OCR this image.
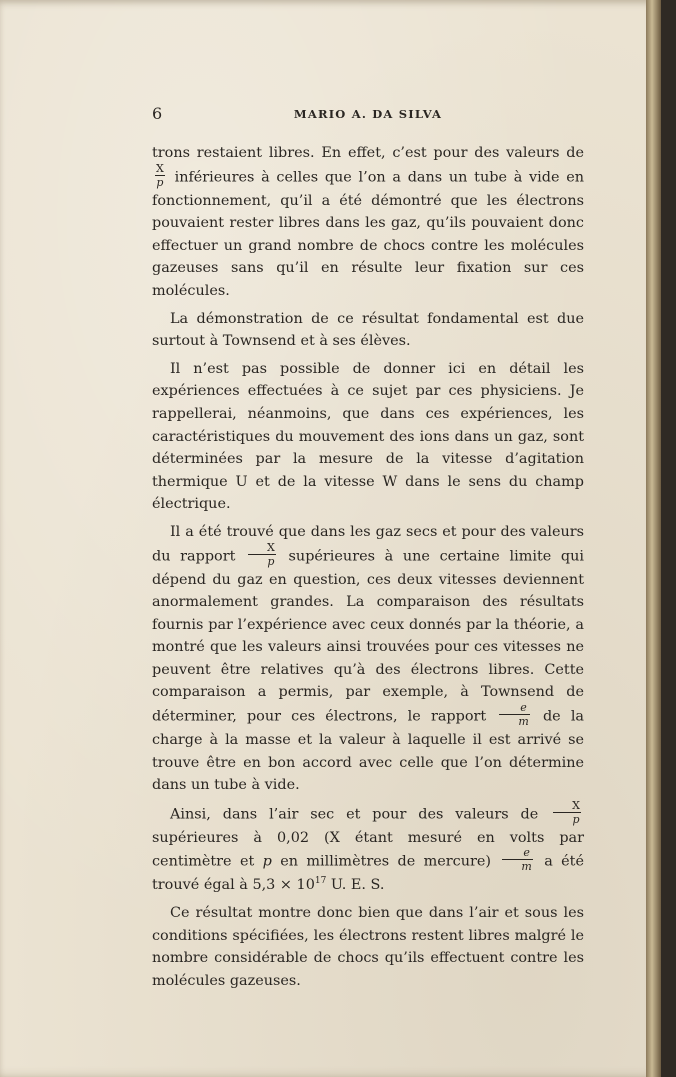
6	MARIO A. DA SILVA

trons restaient libres. En effet, c’est pour des valeurs de
$\frac{X}{p}$ inférieures à celles que l’on a dans un tube à vide en fonctionnement, qu’il a été démontré que les électrons pouvaient rester libres dans les gaz, qu’ils pouvaient donc effectuer un grand nombre de chocs contre les molécules gazeuses sans qu’il en résulte leur fixation sur ces molécules.

La démonstration de ce résultat fondamental est due surtout à Townsend et à ses élèves.

Il n’est pas possible de donner ici en détail les expériences effectuées à ce sujet par ces physiciens. Je rappellerai, néanmoins, que dans ces expériences, les caractéristiques du mouvement des ions dans un gaz, sont déterminées par la mesure de la vitesse d’agitation thermique U et de la vitesse W dans le sens du champ électrique.

Il a été trouvé que dans les gaz secs et pour des valeurs du rapport $\frac{X}{p}$ supérieures à une certaine limite qui dépend du gaz en question, ces deux vitesses deviennent anormalement grandes. La comparaison des résultats fournis par l’expérience avec ceux donnés par la théorie, a montré que les valeurs ainsi trouvées pour ces vitesses ne peuvent être relatives qu’à des électrons libres. Cette comparaison a permis, par exemple, à Townsend de déterminer, pour ces électrons, le rapport $\frac{e}{m}$ de la charge à la masse et la valeur à laquelle il est arrivé se trouve être en bon accord avec celle que l’on détermine dans un tube à vide.

Ainsi, dans l’air sec et pour des valeurs de $\frac{X}{p}$
supérieures à 0,02 (X étant mesuré en volts par centimètre et p en millimètres de mercure) $\frac{e}{m}$ a été trouvé égal à $5,3 \times 10^{17}$ U. E. S.

Ce résultat montre donc bien que dans l’air et sous les conditions spécifiées, les électrons restent libres malgré le nombre considérable de chocs qu’ils effectuent contre les molécules gazeuses.
